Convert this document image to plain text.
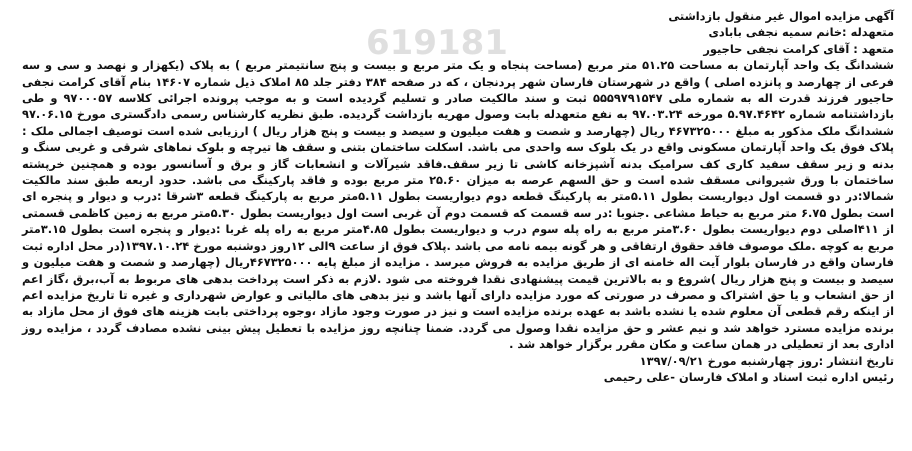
619181
آگهی مزایده اموال غیر منقول بازداشتی
متعهدله :خانم سمیه نجفی بابادی
متعهد : آقای کرامت نجفی حاجیور
ششدانگ یک واحد آپارتمان به مساحت ۵۱.۲۵ متر مربع (مساحت پنجاه و یک متر مربع و بیست و پنج سانتیمتر مربع ) به پلاک (یکهزار و نهصد و سی و سه فرعی از چهارصد و پانزده اصلی ) واقع در شهرستان فارسان شهر پردنجان ، که در صفحه ۳۸۴ دفتر جلد ۸۵ املاک ذیل شماره ۱۴۶۰۷ بنام آقای کرامت نجفی حاجیور فرزند قدرت اله به شماره ملی ۵۵۵۹۷۹۱۵۴۷ ثبت و سند مالکیت صادر و تسلیم گردیده است و به موجب پرونده اجرائی کلاسه ۹۷۰۰۰۵۷ و طی بازداشتنامه شماره ۵.۹۷.۴۶۴۲ مورخه ۹۷.۰۳.۲۴ به نفع متعهدله بابت وصول مهریه بازداشت گردیده. طبق نظریه کارشناس رسمی دادگستری مورخ ۹۷.۰۶.۱۵ ششدانگ ملک مذکور به مبلغ ۴۶۷۳۲۵۰۰۰ ریال (چهارصد و شصت و هفت میلیون و سیصد و بیست و پنج هزار ریال ) ارزیابی شده است توصیف اجمالی ملک : پلاک فوق یک واحد آپارتمان مسکونی واقع در یک بلوک سه واحدی می باشد. اسکلت ساختمان بتنی و سقف ها تیرچه و بلوک نماهای شرقی و غربی سنگ و بدنه و زیر سقف سفید کاری کف سرامیک بدنه آشپزخانه کاشی تا زیر سقف.فاقد شیرآلات و انشعابات گاز و برق و آسانسور بوده و همچنین خرپشته ساختمان با ورق شیروانی مسقف شده است و حق السهم عرصه به میزان ۲۵.۶۰ متر مربع بوده و فاقد پارکینگ می باشد. حدود اربعه طبق سند مالکیت شمالا:در دو قسمت اول دیواریست بطول ۵.۱۱متر به پارکینگ قطعه دوم دیواریست بطول ۵.۱۱متر مربع به پارکینگ قطعه ۳شرقا :درب و دیوار و پنجره ای است بطول ۶.۷۵ متر مربع به حیاط مشاعی .جنوبا :در سه قسمت که قسمت دوم آن غربی است اول دیواریست بطول ۵.۳۰متر مربع به زمین کاظمی قسمتی از ۴۱۱اصلی دوم دیواریست بطول ۳.۶۰متر مربع به راه پله سوم درب و دیواریست بطول ۴.۸۵متر مربع به راه پله غربا :دیوار و پنجره است بطول ۳.۱۵متر مربع به کوچه .ملک موصوف فاقد حقوق ارتفاقی و هر گونه بیمه نامه می باشد .پلاک فوق از ساعت ۹الی ۱۲روز دوشنبه مورخ ۱۳۹۷.۱۰.۲۴(در محل اداره ثبت فارسان واقع در فارسان بلوار آیت اله خامنه ای از طریق مزایده به فروش میرسد . مزایده از مبلغ پایه ۴۶۷۳۲۵۰۰۰ریال (چهارصد و شصت و هفت میلیون و سیصد و بیست و پنج هزار ریال )شروع و به بالاترین قیمت پیشنهادی نقدا فروخته می شود .لازم به ذکر است پرداخت بدهی های مربوط به آب،برق ،گاز اعم از حق انشعاب و یا حق اشتراک و مصرف در صورتی که مورد مزایده دارای آنها باشد و نیز بدهی های مالیاتی و عوارض شهرداری و غیره تا تاریخ مزایده اعم از اینکه رقم قطعی آن معلوم شده یا نشده باشد به عهده برنده مزایده است و نیز در صورت وجود مازاد ،وجوه پرداختی بابت هزینه های فوق از محل مازاد به برنده مزایده مسترد خواهد شد و نیم عشر و حق مزایده نقدا وصول می گردد. ضمنا چنانچه روز مزایده با تعطیل پیش بینی نشده مصادف گردد ، مزایده روز اداری بعد از تعطیلی در همان ساعت و مکان مقرر برگزار خواهد شد .
تاریخ انتشار :روز چهارشنبه مورخ ۱۳۹۷/۰۹/۲۱
رئیس اداره ثبت اسناد و املاک فارسان -علی رحیمی
